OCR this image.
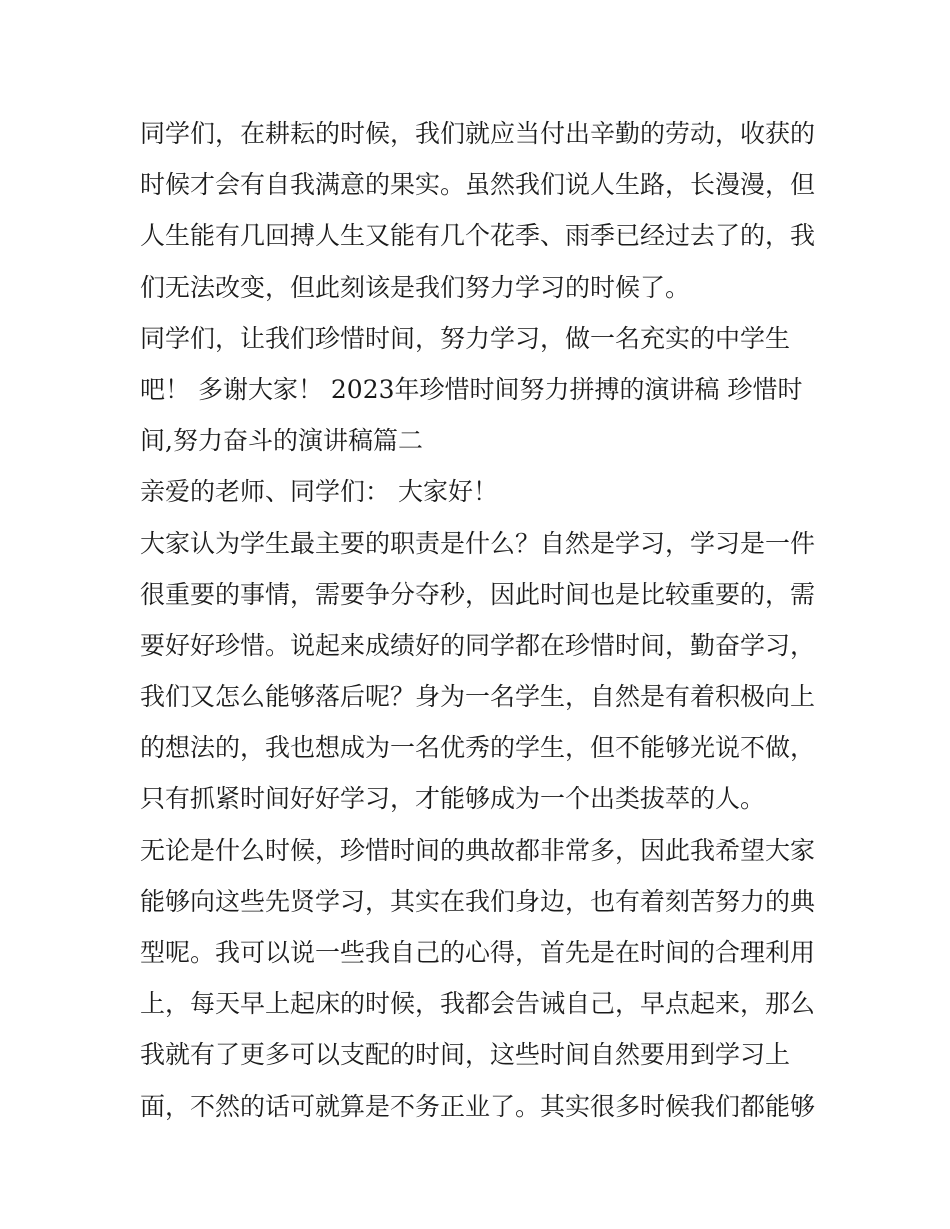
同学们，在耕耘的时候，我们就应当付出辛勤的劳动，收获的
时候才会有自我满意的果实。虽然我们说人生路，长漫漫，但
人生能有几回搏人生又能有几个花季、雨季已经过去了的，我
们无法改变，但此刻该是我们努力学习的时候了。
同学们，让我们珍惜时间，努力学习，做一名充实的中学生
吧！ 多谢大家！ 2023年珍惜时间努力拼搏的演讲稿 珍惜时
间,努力奋斗的演讲稿篇二
亲爱的老师、同学们： 大家好！
大家认为学生最主要的职责是什么？自然是学习，学习是一件
很重要的事情，需要争分夺秒，因此时间也是比较重要的，需
要好好珍惜。说起来成绩好的同学都在珍惜时间，勤奋学习，
我们又怎么能够落后呢？身为一名学生，自然是有着积极向上
的想法的，我也想成为一名优秀的学生，但不能够光说不做，
只有抓紧时间好好学习，才能够成为一个出类拔萃的人。
无论是什么时候，珍惜时间的典故都非常多，因此我希望大家
能够向这些先贤学习，其实在我们身边，也有着刻苦努力的典
型呢。我可以说一些我自己的心得，首先是在时间的合理利用
上，每天早上起床的时候，我都会告诫自己，早点起来，那么
我就有了更多可以支配的时间，这些时间自然要用到学习上
面，不然的话可就算是不务正业了。其实很多时候我们都能够
